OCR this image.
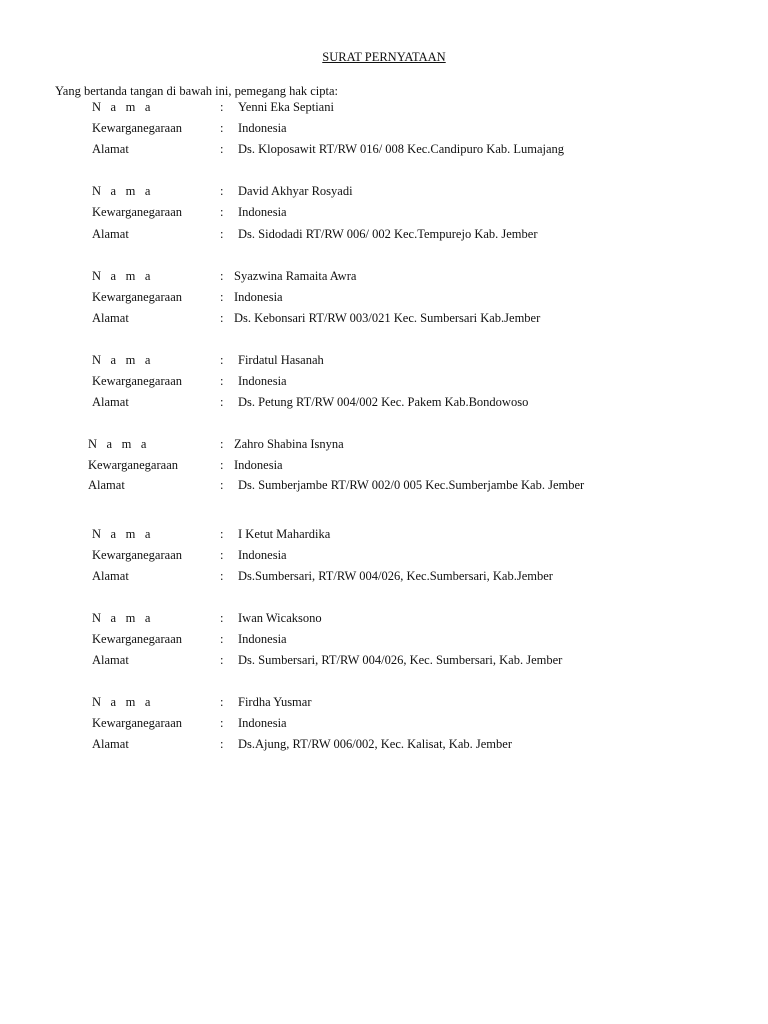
SURAT PERNYATAAN
Yang bertanda tangan di bawah ini, pemegang hak cipta:
N a m a	: Yenni Eka Septiani
Kewarganegaraan	: Indonesia
Alamat	: Ds. Kloposawit RT/RW 016/ 008 Kec.Candipuro Kab. Lumajang
N a m a	: David Akhyar Rosyadi
Kewarganegaraan	: Indonesia
Alamat	: Ds. Sidodadi RT/RW 006/ 002 Kec.Tempurejo Kab. Jember
N a m a	: Syazwina Ramaita Awra
Kewarganegaraan	: Indonesia
Alamat	: Ds. Kebonsari RT/RW 003/021 Kec. Sumbersari Kab.Jember
N a m a	: Firdatul Hasanah
Kewarganegaraan	: Indonesia
Alamat	: Ds. Petung RT/RW 004/002 Kec. Pakem Kab.Bondowoso
N a m a	: Zahro Shabina Isnyna
Kewarganegaraan	: Indonesia
Alamat	: Ds. Sumberjambe RT/RW 002/0 005 Kec.Sumberjambe Kab. Jember
N a m a	: I Ketut Mahardika
Kewarganegaraan	: Indonesia
Alamat	: Ds.Sumbersari, RT/RW 004/026, Kec.Sumbersari, Kab.Jember
N a m a	: Iwan Wicaksono
Kewarganegaraan	: Indonesia
Alamat	: Ds. Sumbersari, RT/RW 004/026, Kec. Sumbersari, Kab. Jember
N a m a	: Firdha Yusmar
Kewarganegaraan	: Indonesia
Alamat	: Ds.Ajung, RT/RW 006/002, Kec. Kalisat, Kab. Jember
